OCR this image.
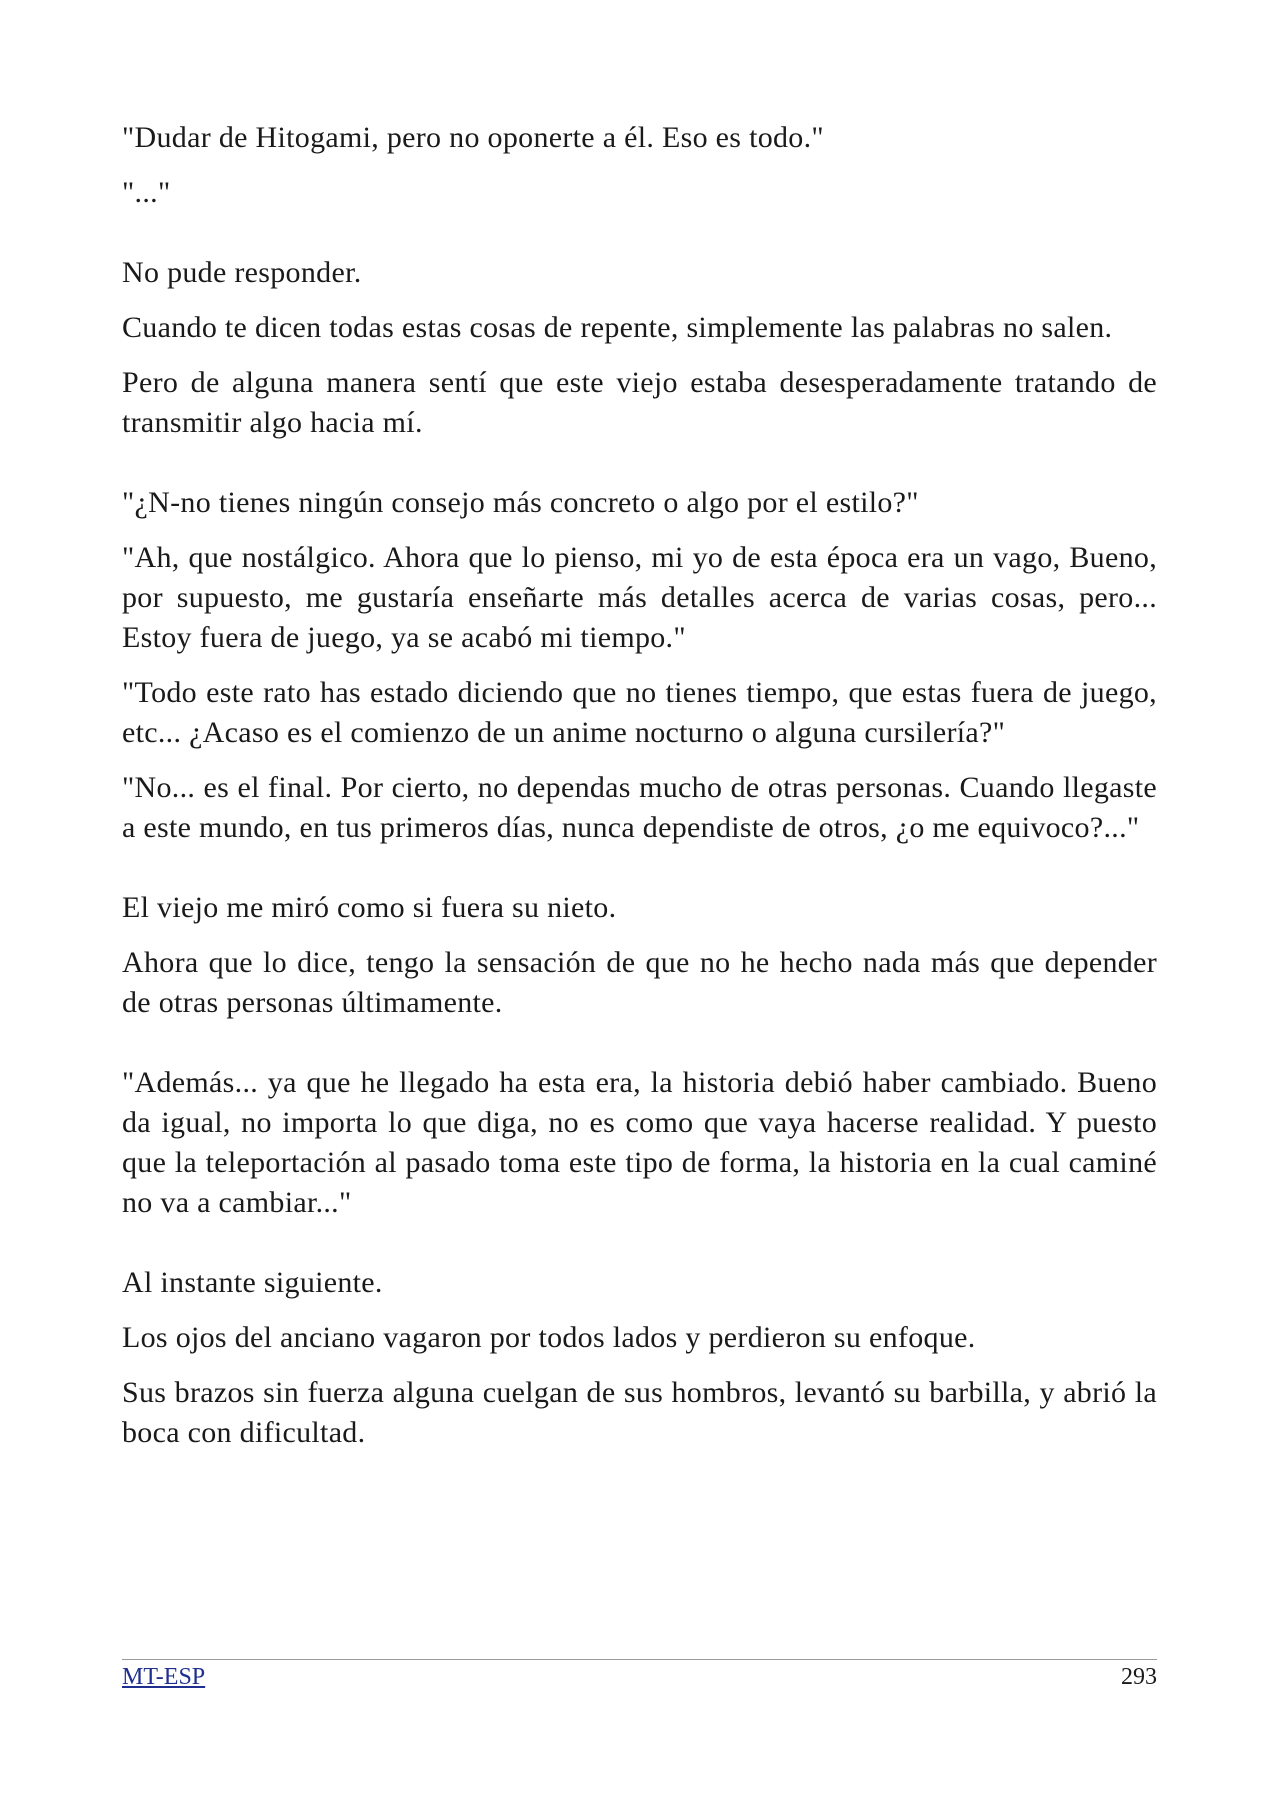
"Dudar de Hitogami, pero no oponerte a él. Eso es todo."

"..."

No pude responder.

Cuando te dicen todas estas cosas de repente, simplemente las palabras no salen.

Pero de alguna manera sentí que este viejo estaba desesperadamente tratando de transmitir algo hacia mí.

"¿N-no tienes ningún consejo más concreto o algo por el estilo?"

"Ah, que nostálgico. Ahora que lo pienso, mi yo de esta época era un vago, Bueno, por supuesto, me gustaría enseñarte más detalles acerca de varias cosas, pero... Estoy fuera de juego, ya se acabó mi tiempo."

"Todo este rato has estado diciendo que no tienes tiempo, que estas fuera de juego, etc... ¿Acaso es el comienzo de un anime nocturno o alguna cursilería?"

"No... es el final. Por cierto, no dependas mucho de otras personas. Cuando llegaste a este mundo, en tus primeros días, nunca dependiste de otros, ¿o me equivoco?..."

El viejo me miró como si fuera su nieto.

Ahora que lo dice, tengo la sensación de que no he hecho nada más que depender de otras personas últimamente.

"Además... ya que he llegado ha esta era, la historia debió haber cambiado. Bueno da igual, no importa lo que diga, no es como que vaya hacerse realidad. Y puesto que la teleportación al pasado toma este tipo de forma, la historia en la cual caminé no va a cambiar..."

Al instante siguiente.

Los ojos del anciano vagaron por todos lados y perdieron su enfoque.

Sus brazos sin fuerza alguna cuelgan de sus hombros, levantó su barbilla, y abrió la boca con dificultad.

MT-ESP	293
